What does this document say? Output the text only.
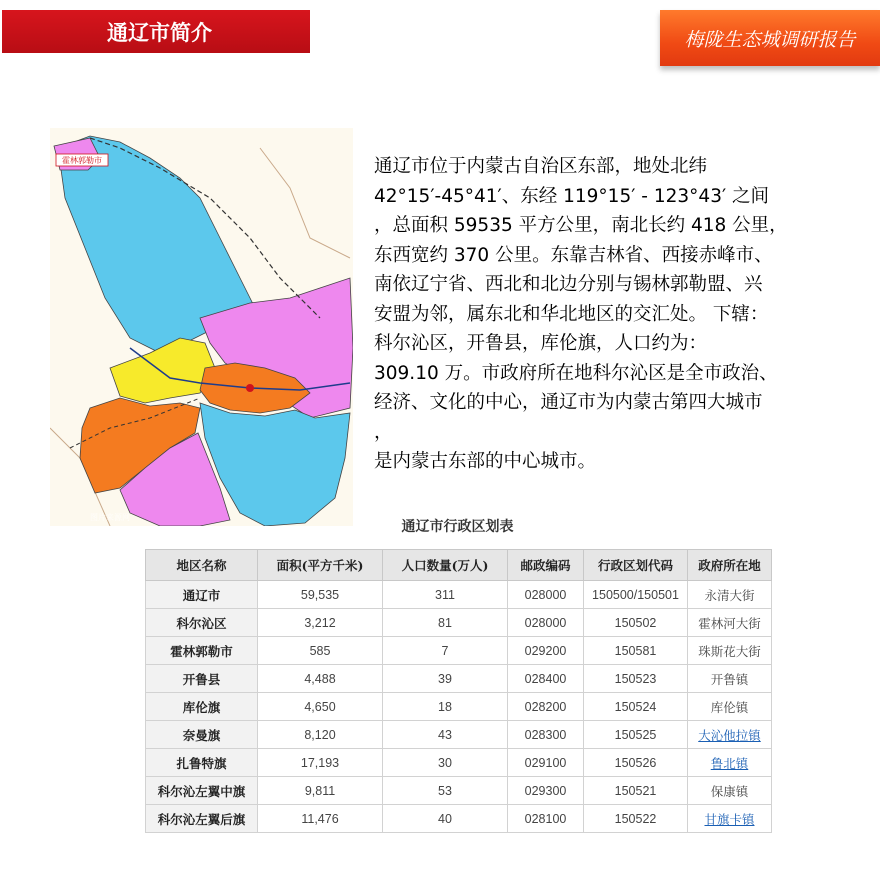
通辽市简介	梅陇生态城调研报告
霍林郭勒市
图片来源网
通辽市位于内蒙古自治区东部，地处北纬
42°15′-45°41′、东经 119°15′ - 123°43′ 之间
，总面积 59535 平方公里，南北长约 418 公里，
东西宽约 370 公里。东靠吉林省、西接赤峰市、
南依辽宁省、西北和北边分别与锡林郭勒盟、兴
安盟为邻，属东北和华北地区的交汇处。 下辖：
科尔沁区，开鲁县，库伦旗，人口约为：
309.10 万。市政府所在地科尔沁区是全市政治、
经济、文化的中心，通辽市为内蒙古第四大城市
，
是内蒙古东部的中心城市。
通辽市行政区划表
地区名称	面积(平方千米)	人口数量(万人)	邮政编码	行政区划代码	政府所在地
通辽市	59,535	311	028000	150500/150501	永清大街
科尔沁区	3,212	81	028000	150502	霍林河大街
霍林郭勒市	585	7	029200	150581	珠斯花大街
开鲁县	4,488	39	028400	150523	开鲁镇
库伦旗	4,650	18	028200	150524	库伦镇
奈曼旗	8,120	43	028300	150525	大沁他拉镇
扎鲁特旗	17,193	30	029100	150526	鲁北镇
科尔沁左翼中旗	9,811	53	029300	150521	保康镇
科尔沁左翼后旗	11,476	40	028100	150522	甘旗卡镇
